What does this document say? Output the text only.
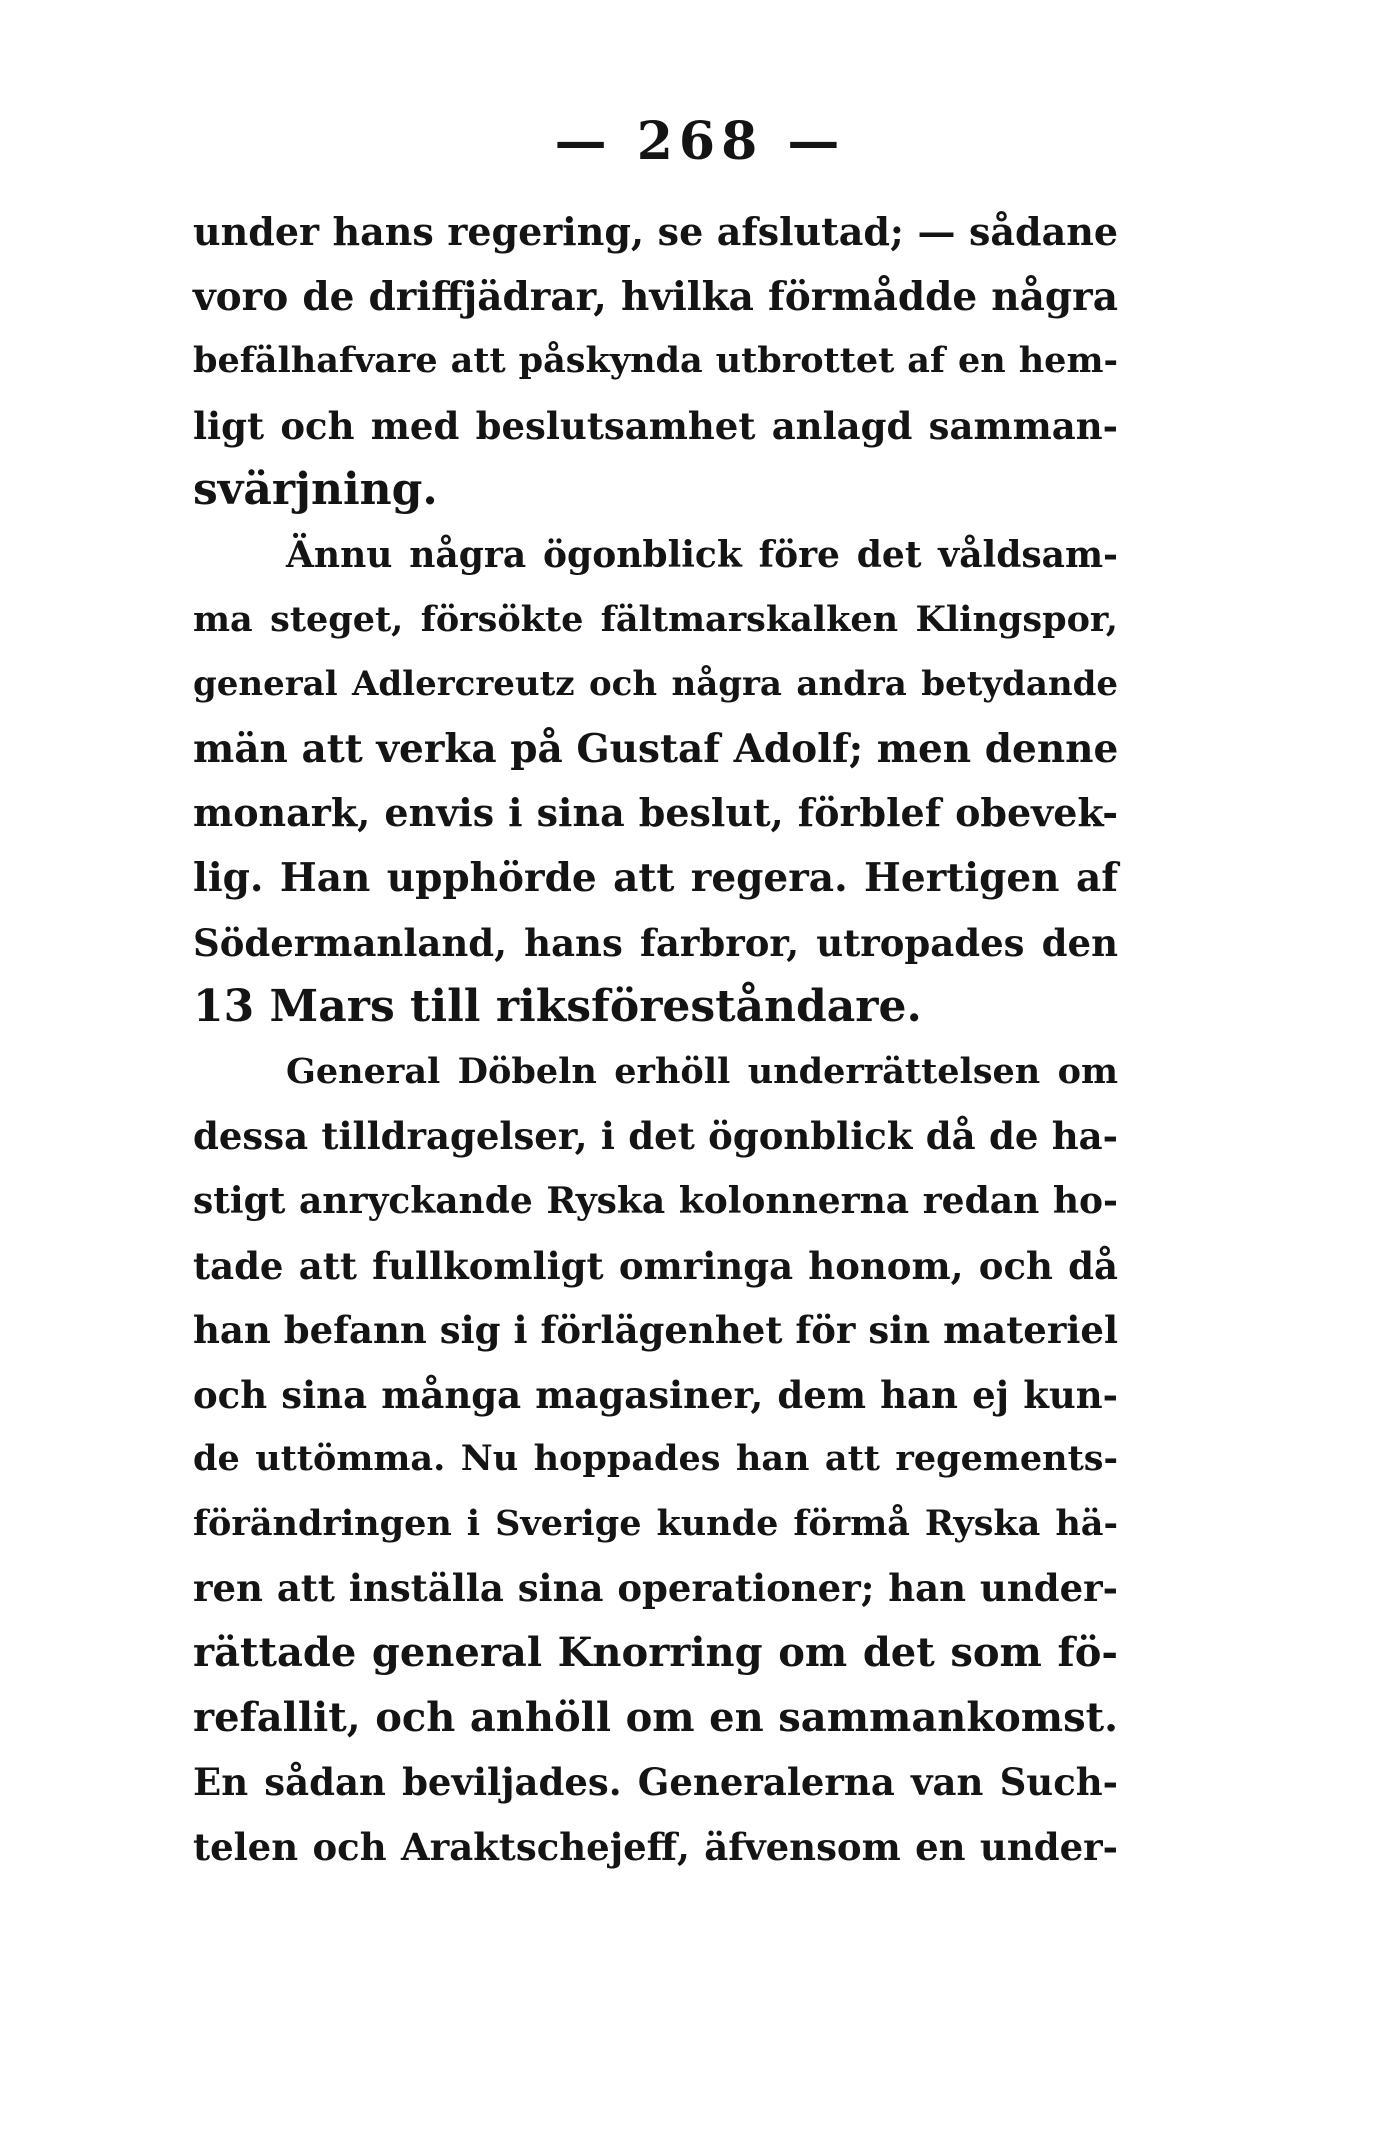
— 268 —
under hans regering, se afslutad; — sådane
voro de driffjädrar, hvilka förmådde några
befälhafvare att påskynda utbrottet af en hem-
ligt och med beslutsamhet anlagd samman-
svärjning.
Ännu några ögonblick före det våldsam-
ma steget, försökte fältmarskalken Klingspor,
general Adlercreutz och några andra betydande
män att verka på Gustaf Adolf; men denne
monark, envis i sina beslut, förblef obevek-
lig. Han upphörde att regera. Hertigen af
Södermanland, hans farbror, utropades den
13 Mars till riksföreståndare.
General Döbeln erhöll underrättelsen om
dessa tilldragelser, i det ögonblick då de ha-
stigt anryckande Ryska kolonnerna redan ho-
tade att fullkomligt omringa honom, och då
han befann sig i förlägenhet för sin materiel
och sina många magasiner, dem han ej kun-
de uttömma. Nu hoppades han att regements-
förändringen i Sverige kunde förmå Ryska hä-
ren att inställa sina operationer; han under-
rättade general Knorring om det som fö-
refallit, och anhöll om en sammankomst.
En sådan beviljades. Generalerna van Such-
telen och Araktschejeff, äfvensom en under-
